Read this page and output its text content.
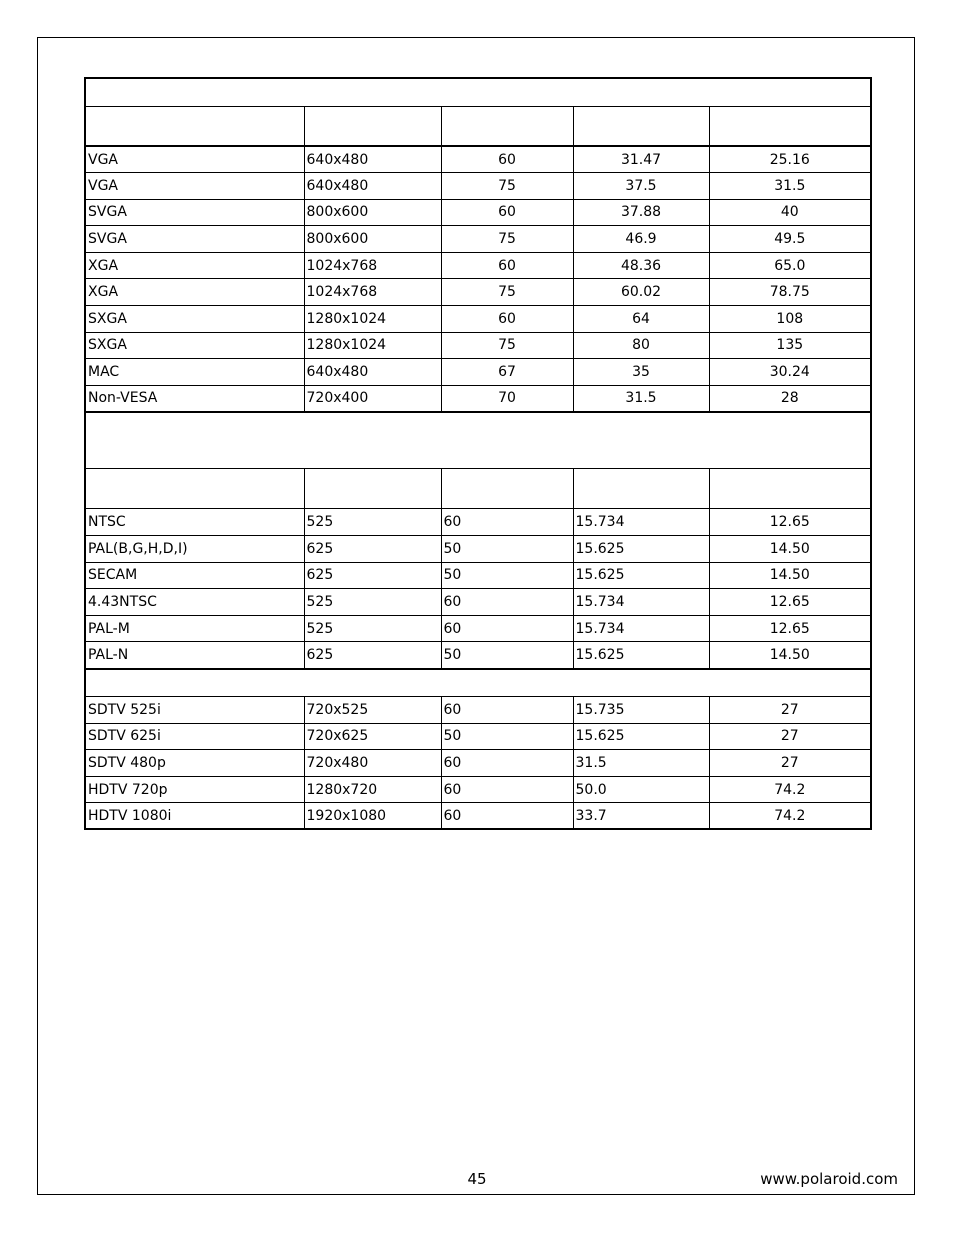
VGA	640x480	60	31.47	25.16
VGA	640x480	75	37.5	31.5
SVGA	800x600	60	37.88	40
SVGA	800x600	75	46.9	49.5
XGA	1024x768	60	48.36	65.0
XGA	1024x768	75	60.02	78.75
SXGA	1280x1024	60	64	108
SXGA	1280x1024	75	80	135
MAC	640x480	67	35	30.24
Non-VESA	720x400	70	31.5	28

NTSC	525	60	15.734	12.65
PAL(B,G,H,D,I)	625	50	15.625	14.50
SECAM	625	50	15.625	14.50
4.43NTSC	525	60	15.734	12.65
PAL-M	525	60	15.734	12.65
PAL-N	625	50	15.625	14.50

SDTV 525i	720x525	60	15.735	27
SDTV 625i	720x625	50	15.625	27
SDTV 480p	720x480	60	31.5	27
HDTV 720p	1280x720	60	50.0	74.2
HDTV 1080i	1920x1080	60	33.7	74.2
45	www.polaroid.com
